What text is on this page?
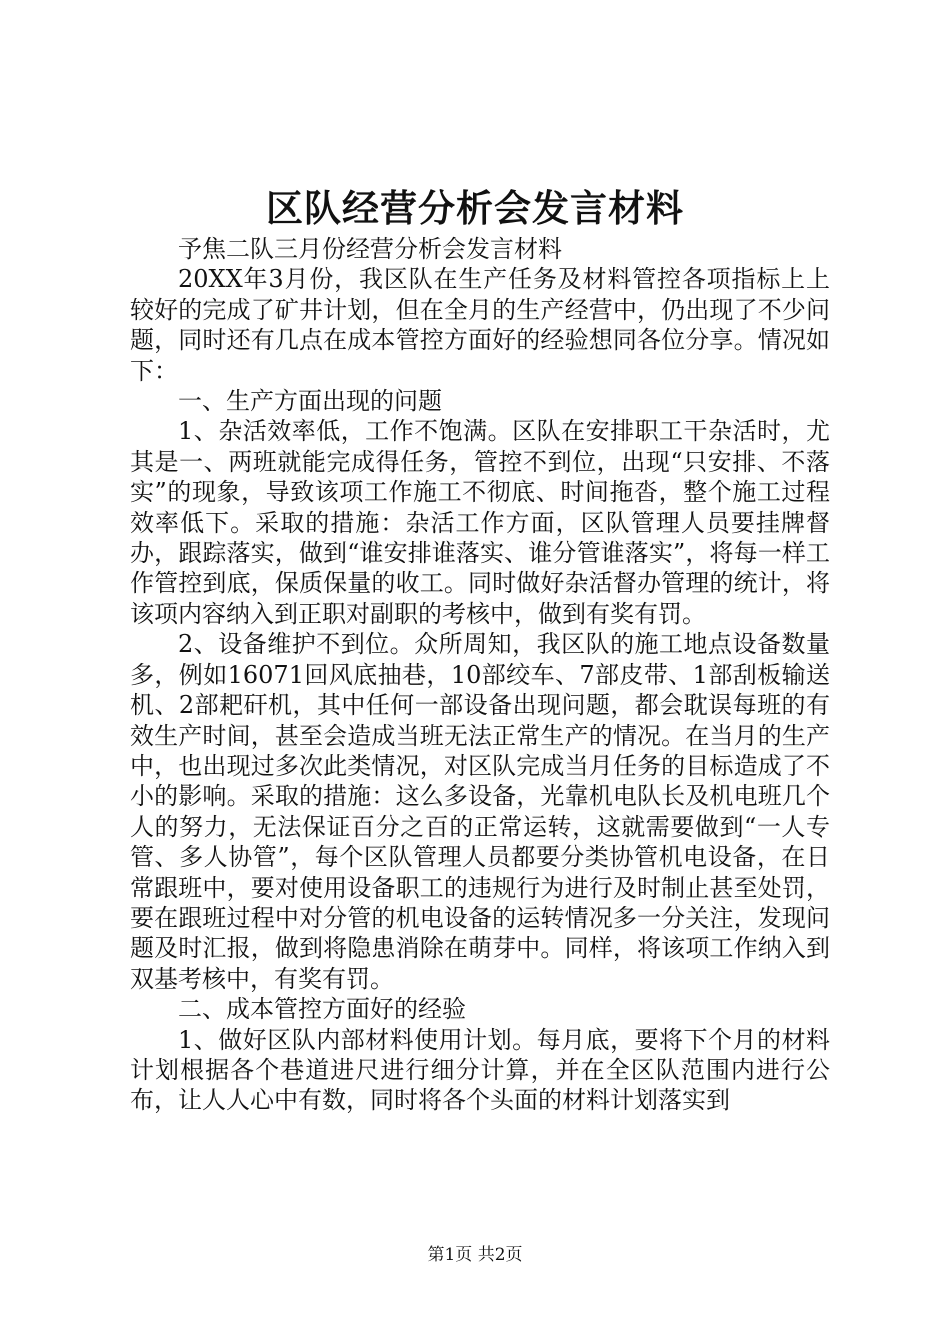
区队经营分析会发言材料

予焦二队三月份经营分析会发言材料

20XX年3月份，我区队在生产任务及材料管控各项指标上上较好的完成了矿井计划，但在全月的生产经营中，仍出现了不少问题，同时还有几点在成本管控方面好的经验想同各位分享。情况如下：

一、生产方面出现的问题

1、杂活效率低，工作不饱满。区队在安排职工干杂活时，尤其是一、两班就能完成得任务，管控不到位，出现“只安排、不落实”的现象，导致该项工作施工不彻底、时间拖沓，整个施工过程效率低下。采取的措施：杂活工作方面，区队管理人员要挂牌督办，跟踪落实，做到“谁安排谁落实、谁分管谁落实”，将每一样工作管控到底，保质保量的收工。同时做好杂活督办管理的统计，将该项内容纳入到正职对副职的考核中，做到有奖有罚。

2、设备维护不到位。众所周知，我区队的施工地点设备数量多，例如16071回风底抽巷，10部绞车、7部皮带、1部刮板输送机、2部耙矸机，其中任何一部设备出现问题，都会耽误每班的有效生产时间，甚至会造成当班无法正常生产的情况。在当月的生产中，也出现过多次此类情况，对区队完成当月任务的目标造成了不小的影响。采取的措施：这么多设备，光靠机电队长及机电班几个人的努力，无法保证百分之百的正常运转，这就需要做到“一人专管、多人协管”，每个区队管理人员都要分类协管机电设备，在日常跟班中，要对使用设备职工的违规行为进行及时制止甚至处罚，要在跟班过程中对分管的机电设备的运转情况多一分关注，发现问题及时汇报，做到将隐患消除在萌芽中。同样，将该项工作纳入到双基考核中，有奖有罚。

二、成本管控方面好的经验

1、做好区队内部材料使用计划。每月底，要将下个月的材料计划根据各个巷道进尺进行细分计算，并在全区队范围内进行公布，让人人心中有数，同时将各个头面的材料计划落实到

第1页 共2页
